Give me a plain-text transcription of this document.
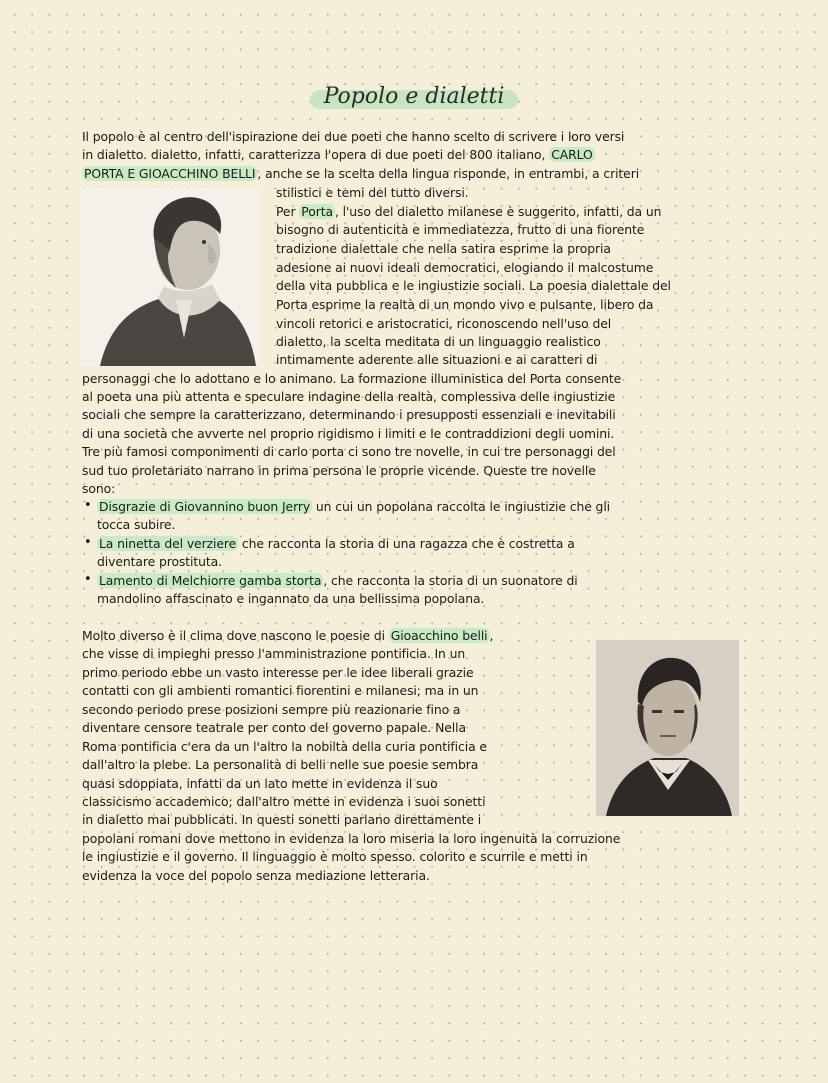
Popolo e dialetti
Il popolo è al centro dell'ispirazione dei due poeti che hanno scelto di scrivere i loro versi
in dialetto. dialetto, infatti, caratterizza l'opera di due poeti del 800 italiano, CARLO
PORTA E GIOACCHINO BELLI , anche se la scelta della lingua risponde, in entrambi, a criteri
stilistici e temi del tutto diversi.
Per Porta , l'uso del dialetto milanese è suggerito, infatti, da un
bisogno di autenticità e immediatezza, frutto di una fiorente
tradizione dialettale che nella satira esprime la propria
adesione ai nuovi ideali democratici, elogiando il malcostume
della vita pubblica e le ingiustizie sociali. La poesia dialettale del
Porta esprime la realtà di un mondo vivo e pulsante, libero da
vincoli retorici e aristocratici, riconoscendo nell'uso del
dialetto, la scelta meditata di un linguaggio realistico
intimamente aderente alle situazioni e ai caratteri di
personaggi che lo adottano e lo animano. La formazione illuministica del Porta consente
al poeta una più attenta e speculare indagine della realtà, complessiva delle ingiustizie
sociali che sempre la caratterizzano, determinando i presupposti essenziali e inevitabili
di una società che avverte nel proprio rigidismo i limiti e le contraddizioni degli uomini.
Tre più famosi componimenti di carlo porta ci sono tre novelle, in cui tre personaggi del
sud tuo proletariato narrano in prima persona le proprie vicende. Queste tre novelle
sono:
• Disgrazie di Giovannino buon Jerry un cui un popolana raccolta le ingiustizie che gli
tocca subire.
• La ninetta del verziere che racconta la storia di una ragazza che è costretta a
diventare prostituta.
• Lamento di Melchiorre gamba storta , che racconta la storia di un suonatore di
mandolino affascinato e ingannato da una bellissima popolana.
Molto diverso è il clima dove nascono le poesie di Gioacchino belli ,
che visse di impieghi presso l'amministrazione pontificia. In un
primo periodo ebbe un vasto interesse per le idee liberali grazie
contatti con gli ambienti romantici fiorentini e milanesi; ma in un
secondo periodo prese posizioni sempre più reazionarie fino a
diventare censore teatrale per conto del governo papale. Nella
Roma pontificia c'era da un l'altro la nobiltà della curia pontificia e
dall'altro la plebe. La personalità di belli nelle sue poesie sembra
quasi sdoppiata, infatti da un lato mette in evidenza il suo
classicismo accademico; dall'altro mette in evidenza i suoi sonetti
in dialetto mai pubblicati. In questi sonetti parlano direttamente i
popolani romani dove mettono in evidenza la loro miseria la loro ingenuità la corruzione
le ingiustizie e il governo. Il linguaggio è molto spesso. colorito e scurrile e metti in
evidenza la voce del popolo senza mediazione letteraria.
